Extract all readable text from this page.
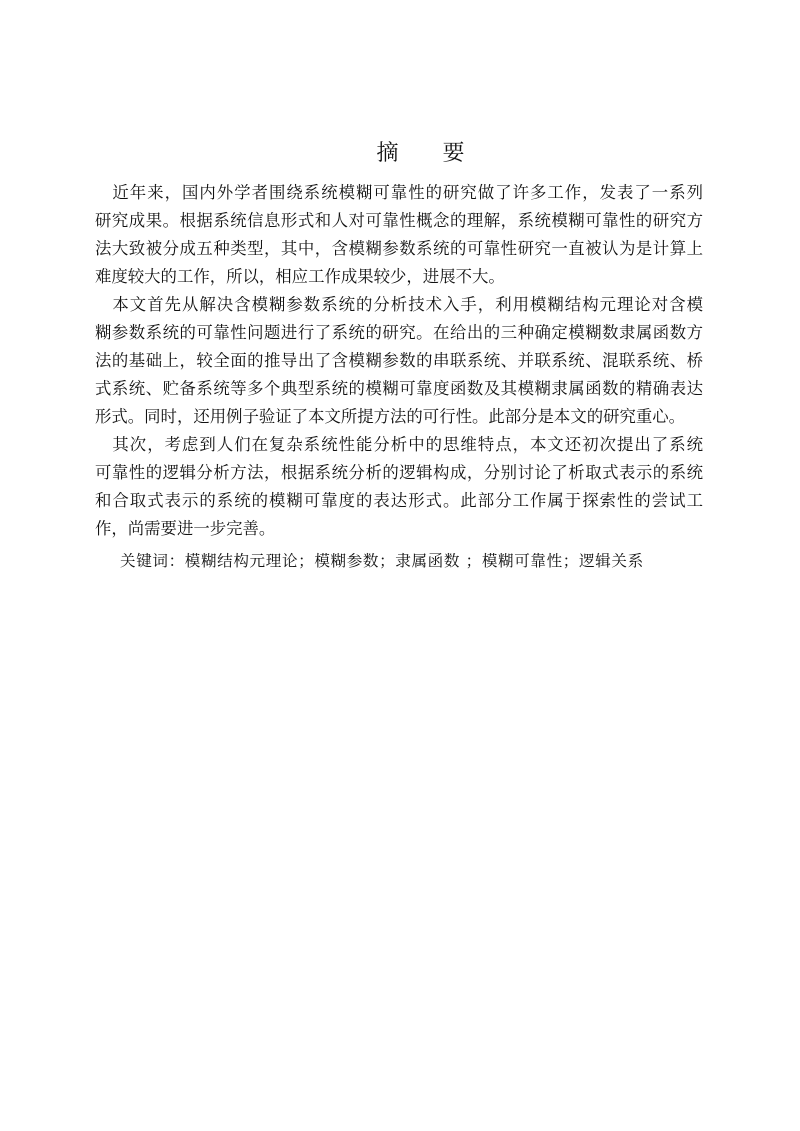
摘 要
　近年来，国内外学者围绕系统模糊可靠性的研究做了许多工作，发表了一系列
研究成果。根据系统信息形式和人对可靠性概念的理解，系统模糊可靠性的研究方
法大致被分成五种类型，其中，含模糊参数系统的可靠性研究一直被认为是计算上
难度较大的工作，所以，相应工作成果较少，进展不大。
　本文首先从解决含模糊参数系统的分析技术入手，利用模糊结构元理论对含模
糊参数系统的可靠性问题进行了系统的研究。在给出的三种确定模糊数隶属函数方
法的基础上，较全面的推导出了含模糊参数的串联系统、并联系统、混联系统、桥
式系统、贮备系统等多个典型系统的模糊可靠度函数及其模糊隶属函数的精确表达
形式。同时，还用例子验证了本文所提方法的可行性。此部分是本文的研究重心。
　其次，考虑到人们在复杂系统性能分析中的思维特点，本文还初次提出了系统
可靠性的逻辑分析方法，根据系统分析的逻辑构成，分别讨论了析取式表示的系统
和合取式表示的系统的模糊可靠度的表达形式。此部分工作属于探索性的尝试工
作，尚需要进一步完善。
关键词：模糊结构元理论；模糊参数；隶属函数 ；模糊可靠性；逻辑关系
